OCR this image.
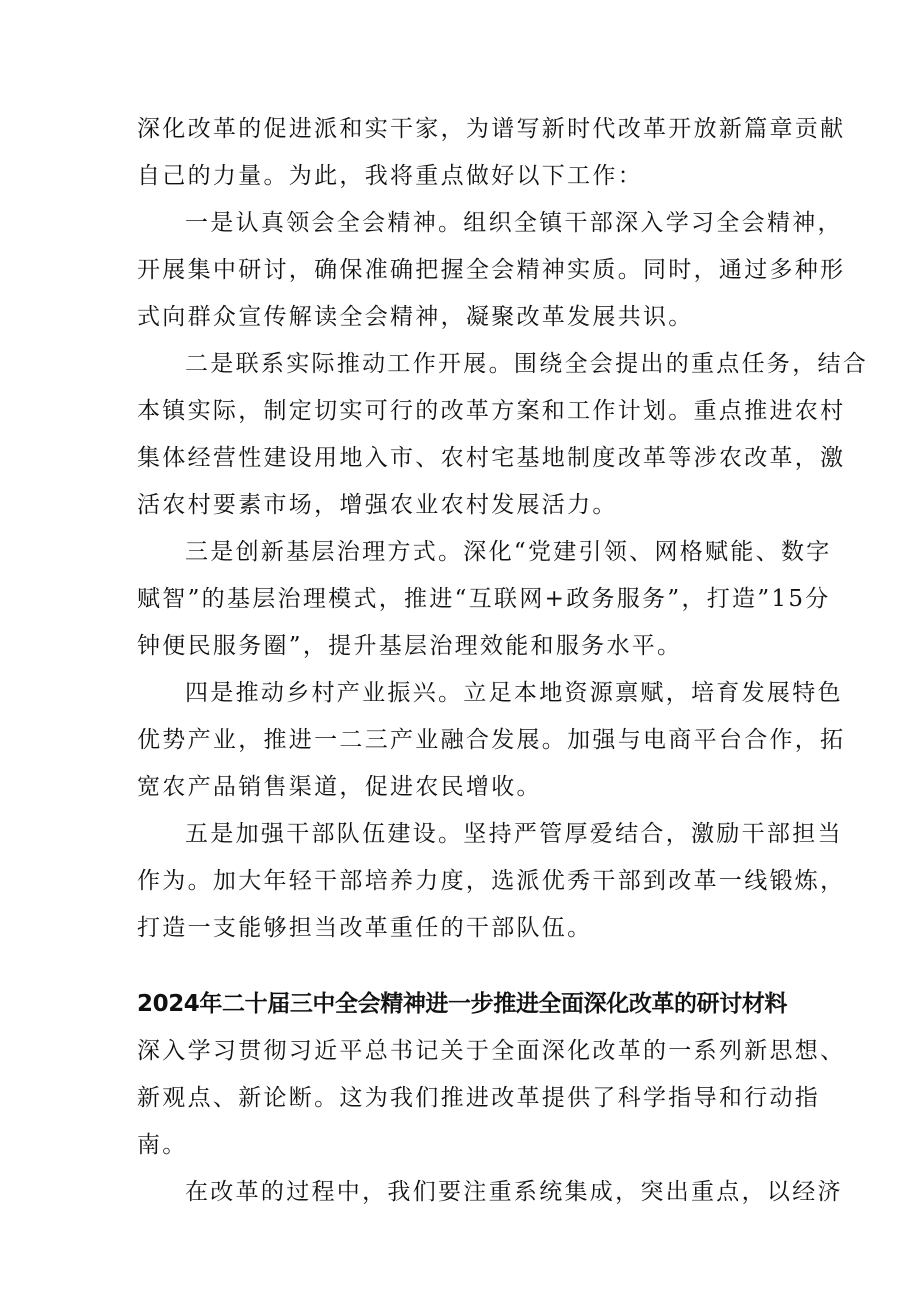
深化改革的促进派和实干家，为谱写新时代改革开放新篇章贡献
自己的力量。为此，我将重点做好以下工作：
一是认真领会全会精神。组织全镇干部深入学习全会精神，
开展集中研讨，确保准确把握全会精神实质。同时，通过多种形
式向群众宣传解读全会精神，凝聚改革发展共识。
二是联系实际推动工作开展。围绕全会提出的重点任务，结合
本镇实际，制定切实可行的改革方案和工作计划。重点推进农村
集体经营性建设用地入市、农村宅基地制度改革等涉农改革，激
活农村要素市场，增强农业农村发展活力。
三是创新基层治理方式。深化“党建引领、网格赋能、数字
赋智”的基层治理模式，推进“互联网+政务服务”，打造”15分
钟便民服务圈”，提升基层治理效能和服务水平。
四是推动乡村产业振兴。立足本地资源禀赋，培育发展特色
优势产业，推进一二三产业融合发展。加强与电商平台合作，拓
宽农产品销售渠道，促进农民增收。
五是加强干部队伍建设。坚持严管厚爱结合，激励干部担当
作为。加大年轻干部培养力度，选派优秀干部到改革一线锻炼，
打造一支能够担当改革重任的干部队伍。
2024年二十届三中全会精神进一步推进全面深化改革的研讨材料
深入学习贯彻习近平总书记关于全面深化改革的一系列新思想、
新观点、新论断。这为我们推进改革提供了科学指导和行动指
南。
在改革的过程中，我们要注重系统集成，突出重点，以经济
